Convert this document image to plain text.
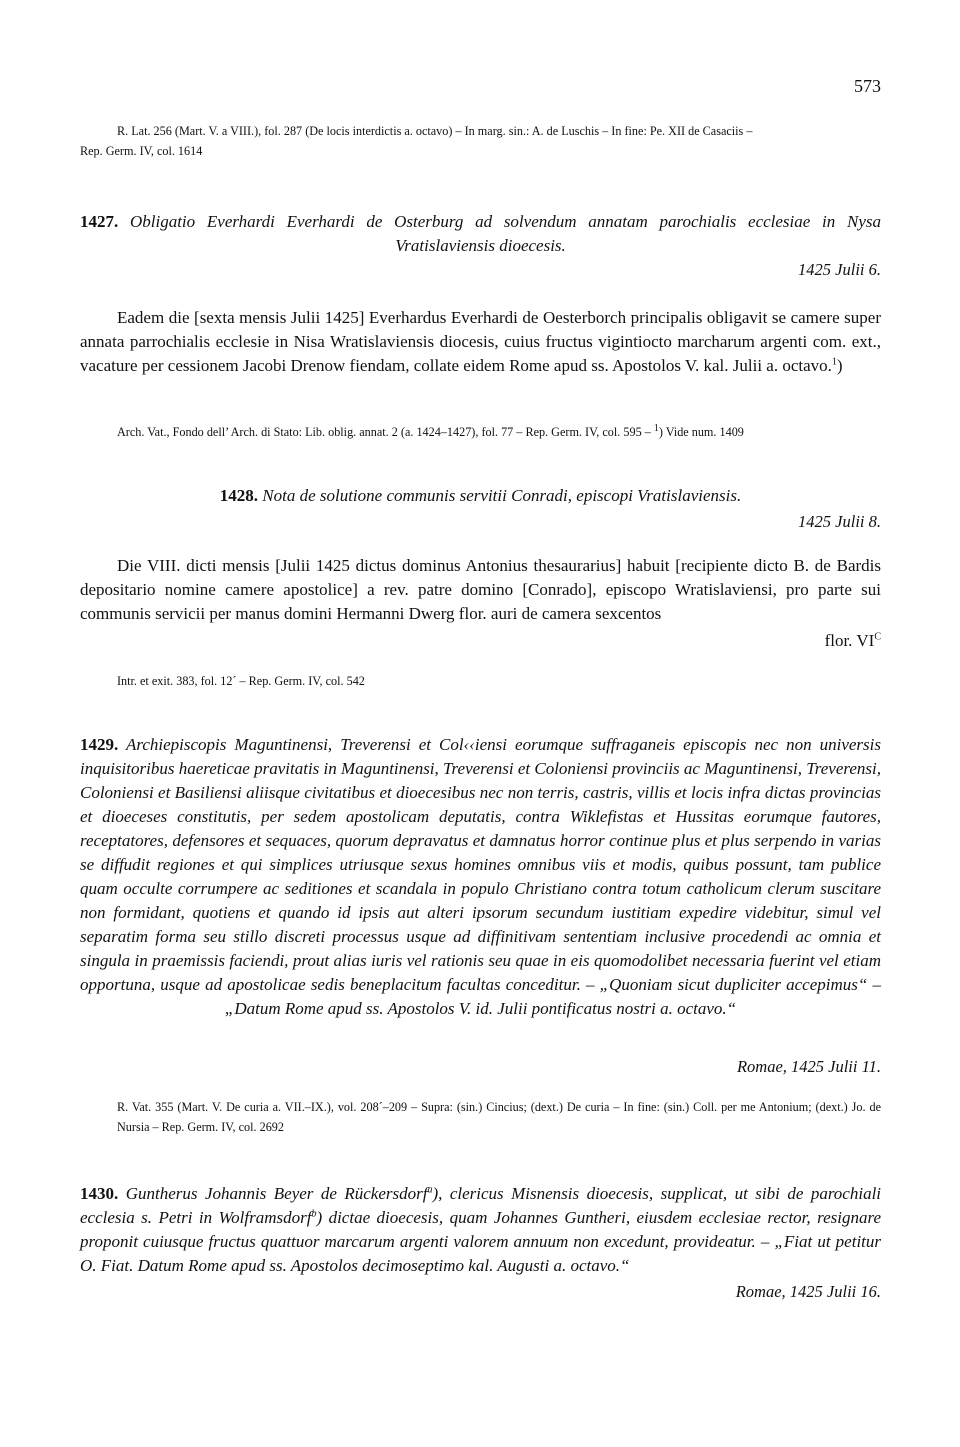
573
R. Lat. 256 (Mart. V. a VIII.), fol. 287 (De locis interdictis a. octavo) – In marg. sin.: A. de Luschis – In fine: Pe. XII de Casaciis –
Rep. Germ. IV, col. 1614
1427. Obligatio Everhardi Everhardi de Osterburg ad solvendum annatam parochialis ecclesiae in Nysa Vratislaviensis dioecesis.
1425 Julii 6.
Eadem die [sexta mensis Julii 1425] Everhardus Everhardi de Oesterborch principalis obligavit se camere super annata parrochialis ecclesie in Nisa Wratislaviensis diocesis, cuius fructus vigintiocto marcharum argenti com. ext., vacature per cessionem Jacobi Drenow fiendam, collate eidem Rome apud ss. Apostolos V. kal. Julii a. octavo.$^1$)
Arch. Vat., Fondo dell’ Arch. di Stato: Lib. oblig. annat. 2 (a. 1424–1427), fol. 77 – Rep. Germ. IV, col. 595 – $^1$) Vide num. 1409
1428. Nota de solutione communis servitii Conradi, episcopi Vratislaviensis.
1425 Julii 8.
Die VIII. dicti mensis [Julii 1425 dictus dominus Antonius thesaurarius] habuit [recipiente dicto B. de Bardis depositario nomine camere apostolice] a rev. patre domino [Conrado], episcopo Wratislaviensi, pro parte sui communis servicii per manus domini Hermanni Dwerg flor. auri de camera sexcentos
flor. $VI^C$
Intr. et exit. 383, fol. 12´ – Rep. Germ. IV, col. 542
1429. Archiepiscopis Maguntinensi, Treverensi et Col‹‹iensi eorumque suffraganeis episcopis nec non universis inquisitoribus haereticae pravitatis in Maguntinensi, Treverensi et Coloniensi provinciis ac Maguntinensi, Treverensi, Coloniensi et Basiliensi aliisque civitatibus et dioecesibus nec non terris, castris, villis et locis infra dictas provincias et dioeceses constitutis, per sedem apostolicam deputatis, contra Wiklefistas et Hussitas eorumque fautores, receptatores, defensores et sequaces, quorum depravatus et damnatus horror continue plus et plus serpendo in varias se diffudit regiones et qui simplices utriusque sexus homines omnibus viis et modis, quibus possunt, tam publice quam occulte corrumpere ac seditiones et scandala in populo Christiano contra totum catholicum clerum suscitare non formidant, quotiens et quando id ipsis aut alteri ipsorum secundum iustitiam expedire videbitur, simul vel separatim forma seu stillo discreti processus usque ad diffinitivam sententiam inclusive procedendi ac omnia et singula in praemissis faciendi, prout alias iuris vel rationis seu quae in eis quomodolibet necessaria fuerint vel etiam opportuna, usque ad apostolicae sedis beneplacitum facultas conceditur. – „Quoniam sicut dupliciter accepimus“ – „Datum Rome apud ss. Apostolos V. id. Julii pontificatus nostri a. octavo.“
Romae, 1425 Julii 11.
R. Vat. 355 (Mart. V. De curia a. VII.–IX.), vol. 208´–209 – Supra: (sin.) Cincius; (dext.) De curia – In fine: (sin.) Coll. per me Antonium; (dext.) Jo. de Nursia – Rep. Germ. IV, col. 2692
1430. Guntherus Johannis Beyer de Rückersdorf$^a$), clericus Misnensis dioecesis, supplicat, ut sibi de parochiali ecclesia s. Petri in Wolframsdorf$^b$) dictae dioecesis, quam Johannes Guntheri, eiusdem ecclesiae rector, resignare proponit cuiusque fructus quattuor marcarum argenti valorem annuum non excedunt, provideatur. – „Fiat ut petitur O. Fiat. Datum Rome apud ss. Apostolos decimoseptimo kal. Augusti a. octavo.“
Romae, 1425 Julii 16.
